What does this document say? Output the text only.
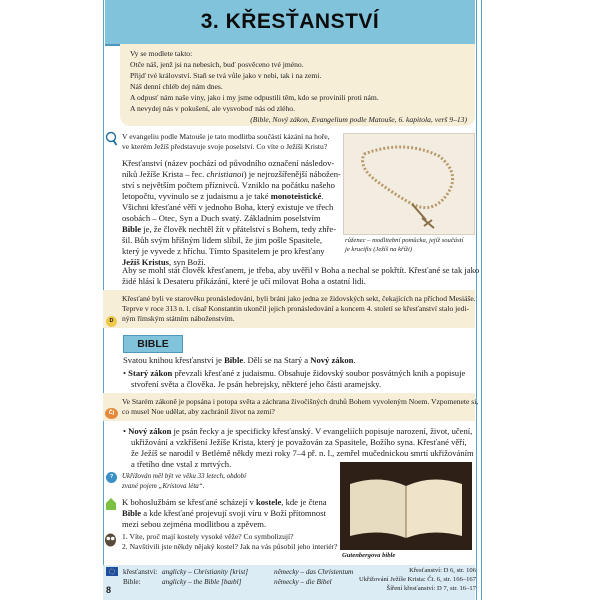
3. KŘESŤANSTVÍ
Vy se modlete takto:
Otče náš, jenž jsi na nebesích, buď posvěceno tvé jméno.
Přijď tvé království. Staň se tvá vůle jako v nebi, tak i na zemi.
Náš denní chléb dej nám dnes.
A odpusť nám naše viny, jako i my jsme odpustili těm, kdo se provinili proti nám.
A nevydej nás v pokušení, ale vysvoboď nás od zlého.
(Bible, Nový zákon, Evangelium podle Matouše, 6. kapitola, verš 9–13)
V evangeliu podle Matouše je tato modlitba součástí kázání na hoře,
ve kterém Ježíš představuje svoje poselství. Co víte o Ježíši Kristu?
Křesťanství (název pochází od původního označení následov-
níků Ježíše Krista – řec. christianoi) je nejrozšířenější nábožen-
ství s největším počtem příznivců. Vzniklo na počátku našeho
letopočtu, vyvinulo se z judaismu a je také monoteistické.
Všichni křesťané věří v jednoho Boha, který existuje ve třech
osobách – Otec, Syn a Duch svatý. Základním poselstvím
Bible je, že člověk nechtěl žít v přátelství s Bohem, tedy zhře-
šil. Bůh svým hříšným lidem slíbil, že jim pošle Spasitele,
který je vyvede z hříchu. Tímto Spasitelem je pro křesťany
Ježíš Kristus, syn Boží.
růženec – modlitební pomůcka, jejíž součástí
je krucifix (Ježíš na kříži)
Aby se mohl stát člověk křesťanem, je třeba, aby uvěřil v Boha a nechal se pokřtít. Křesťané se tak jako
židé hlásí k Desateru přikázání, které je učí milovat Boha a ostatní lidi.
Křesťané byli ve starověku pronásledováni, byli bráni jako jedna ze židovských sekt, čekajících na příchod Mesiáše.
Teprve v roce 313 n. l. císař Konstantin ukončil jejich pronásledování a koncem 4. století se křesťanství stalo jedi-
ným římským státním náboženstvím.
D
BIBLE
Svatou knihou křesťanství je Bible. Dělí se na Starý a Nový zákon.
• Starý zákon převzali křesťané z judaismu. Obsahuje židovský soubor posvátných knih a popisuje
stvoření světa a člověka. Je psán hebrejsky, některé jeho části aramejsky.
Ve Starém zákoně je popsána i potopa světa a záchrana živočišných druhů Bohem vyvoleným Noem. Vzpomenete si,
co musel Noe udělat, aby zachránil život na zemi?
Čj
• Nový zákon je psán řecky a je specificky křesťanský. V evangeliích popisuje narození, život, učení,
ukřižování a vzkříšení Ježíše Krista, který je považován za Spasitele, Božího syna. Křesťané věří,
že Ježíš se narodil v Betlémě někdy mezi roky 7–4 př. n. l., zemřel mučednickou smrtí ukřižováním
a třetího dne vstal z mrtvých.
?	Ukřižován měl být ve věku 33 letech, období
zvané pojem „Kristova léta“.
K bohoslužbám se křesťané scházejí v kostele, kde je čtena
Bible a kde křesťané projevují svoji víru v Boží přítomnost
mezi sebou zejména modlitbou a zpěvem.
1. Víte, proč mají kostely vysoké věže? Co symbolizují?
2. Navštívili jste někdy nějaký kostel? Jak na vás působil jeho interiér?
Gutenbergova bible
8
křesťanství:
Bible:
anglicky – Christianity [krist]
anglicky – the Bible [baɪbl]
německy – das Christentum
německy – die Bibel
Křesťanství: D 6, str. 106
Ukřižování Ježíše Krista: Čt. 6, str. 166–167
Šíření křesťanství: D 7, str. 16–17
